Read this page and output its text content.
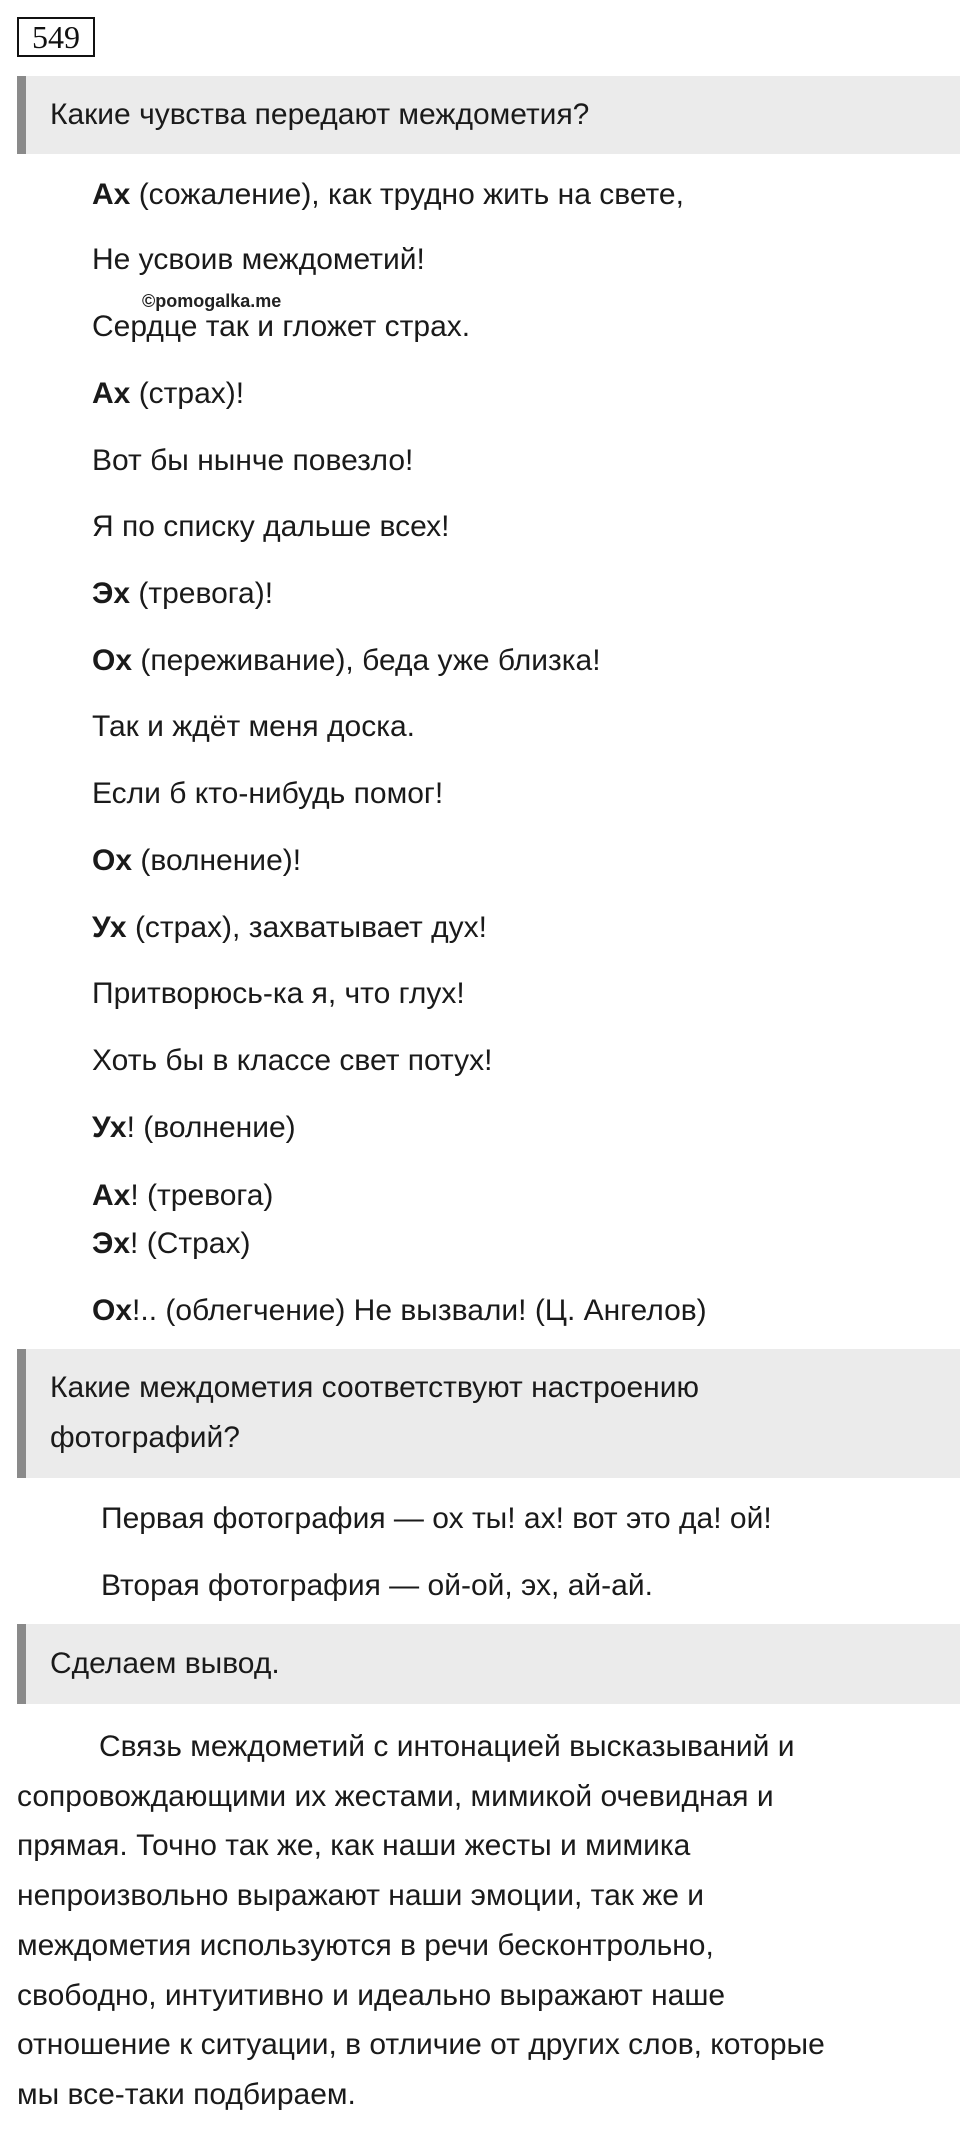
549
Какие чувства передают междометия?
©pomogalka.me
Ах (сожаление), как трудно жить на свете,
Не усвоив междометий!
Сердце так и гложет страх.
Ах (страх)!
Вот бы нынче повезло!
Я по списку дальше всех!
Эх (тревога)!
Ох (переживание), беда уже близка!
Так и ждёт меня доска.
Если б кто-нибудь помог!
Ох (волнение)!
Ух (страх), захватывает дух!
Притворюсь-ка я, что глух!
Хоть бы в классе свет потух!
Ух! (волнение)
Ах! (тревога)
Эх! (Страх)
Ох!.. (облегчение) Не вызвали! (Ц. Ангелов)
Какие междометия соответствуют настроению
фотографий?
Первая фотография — ох ты! ах! вот это да! ой!
Вторая фотография — ой-ой, эх, ай-ай.
Сделаем вывод.
Связь междометий с интонацией высказываний и
сопровождающими их жестами, мимикой очевидная и
прямая. Точно так же, как наши жесты и мимика
непроизвольно выражают наши эмоции, так же и
междометия используются в речи бесконтрольно,
свободно, интуитивно и идеально выражают наше
отношение к ситуации, в отличие от других слов, которые
мы все-таки подбираем.
